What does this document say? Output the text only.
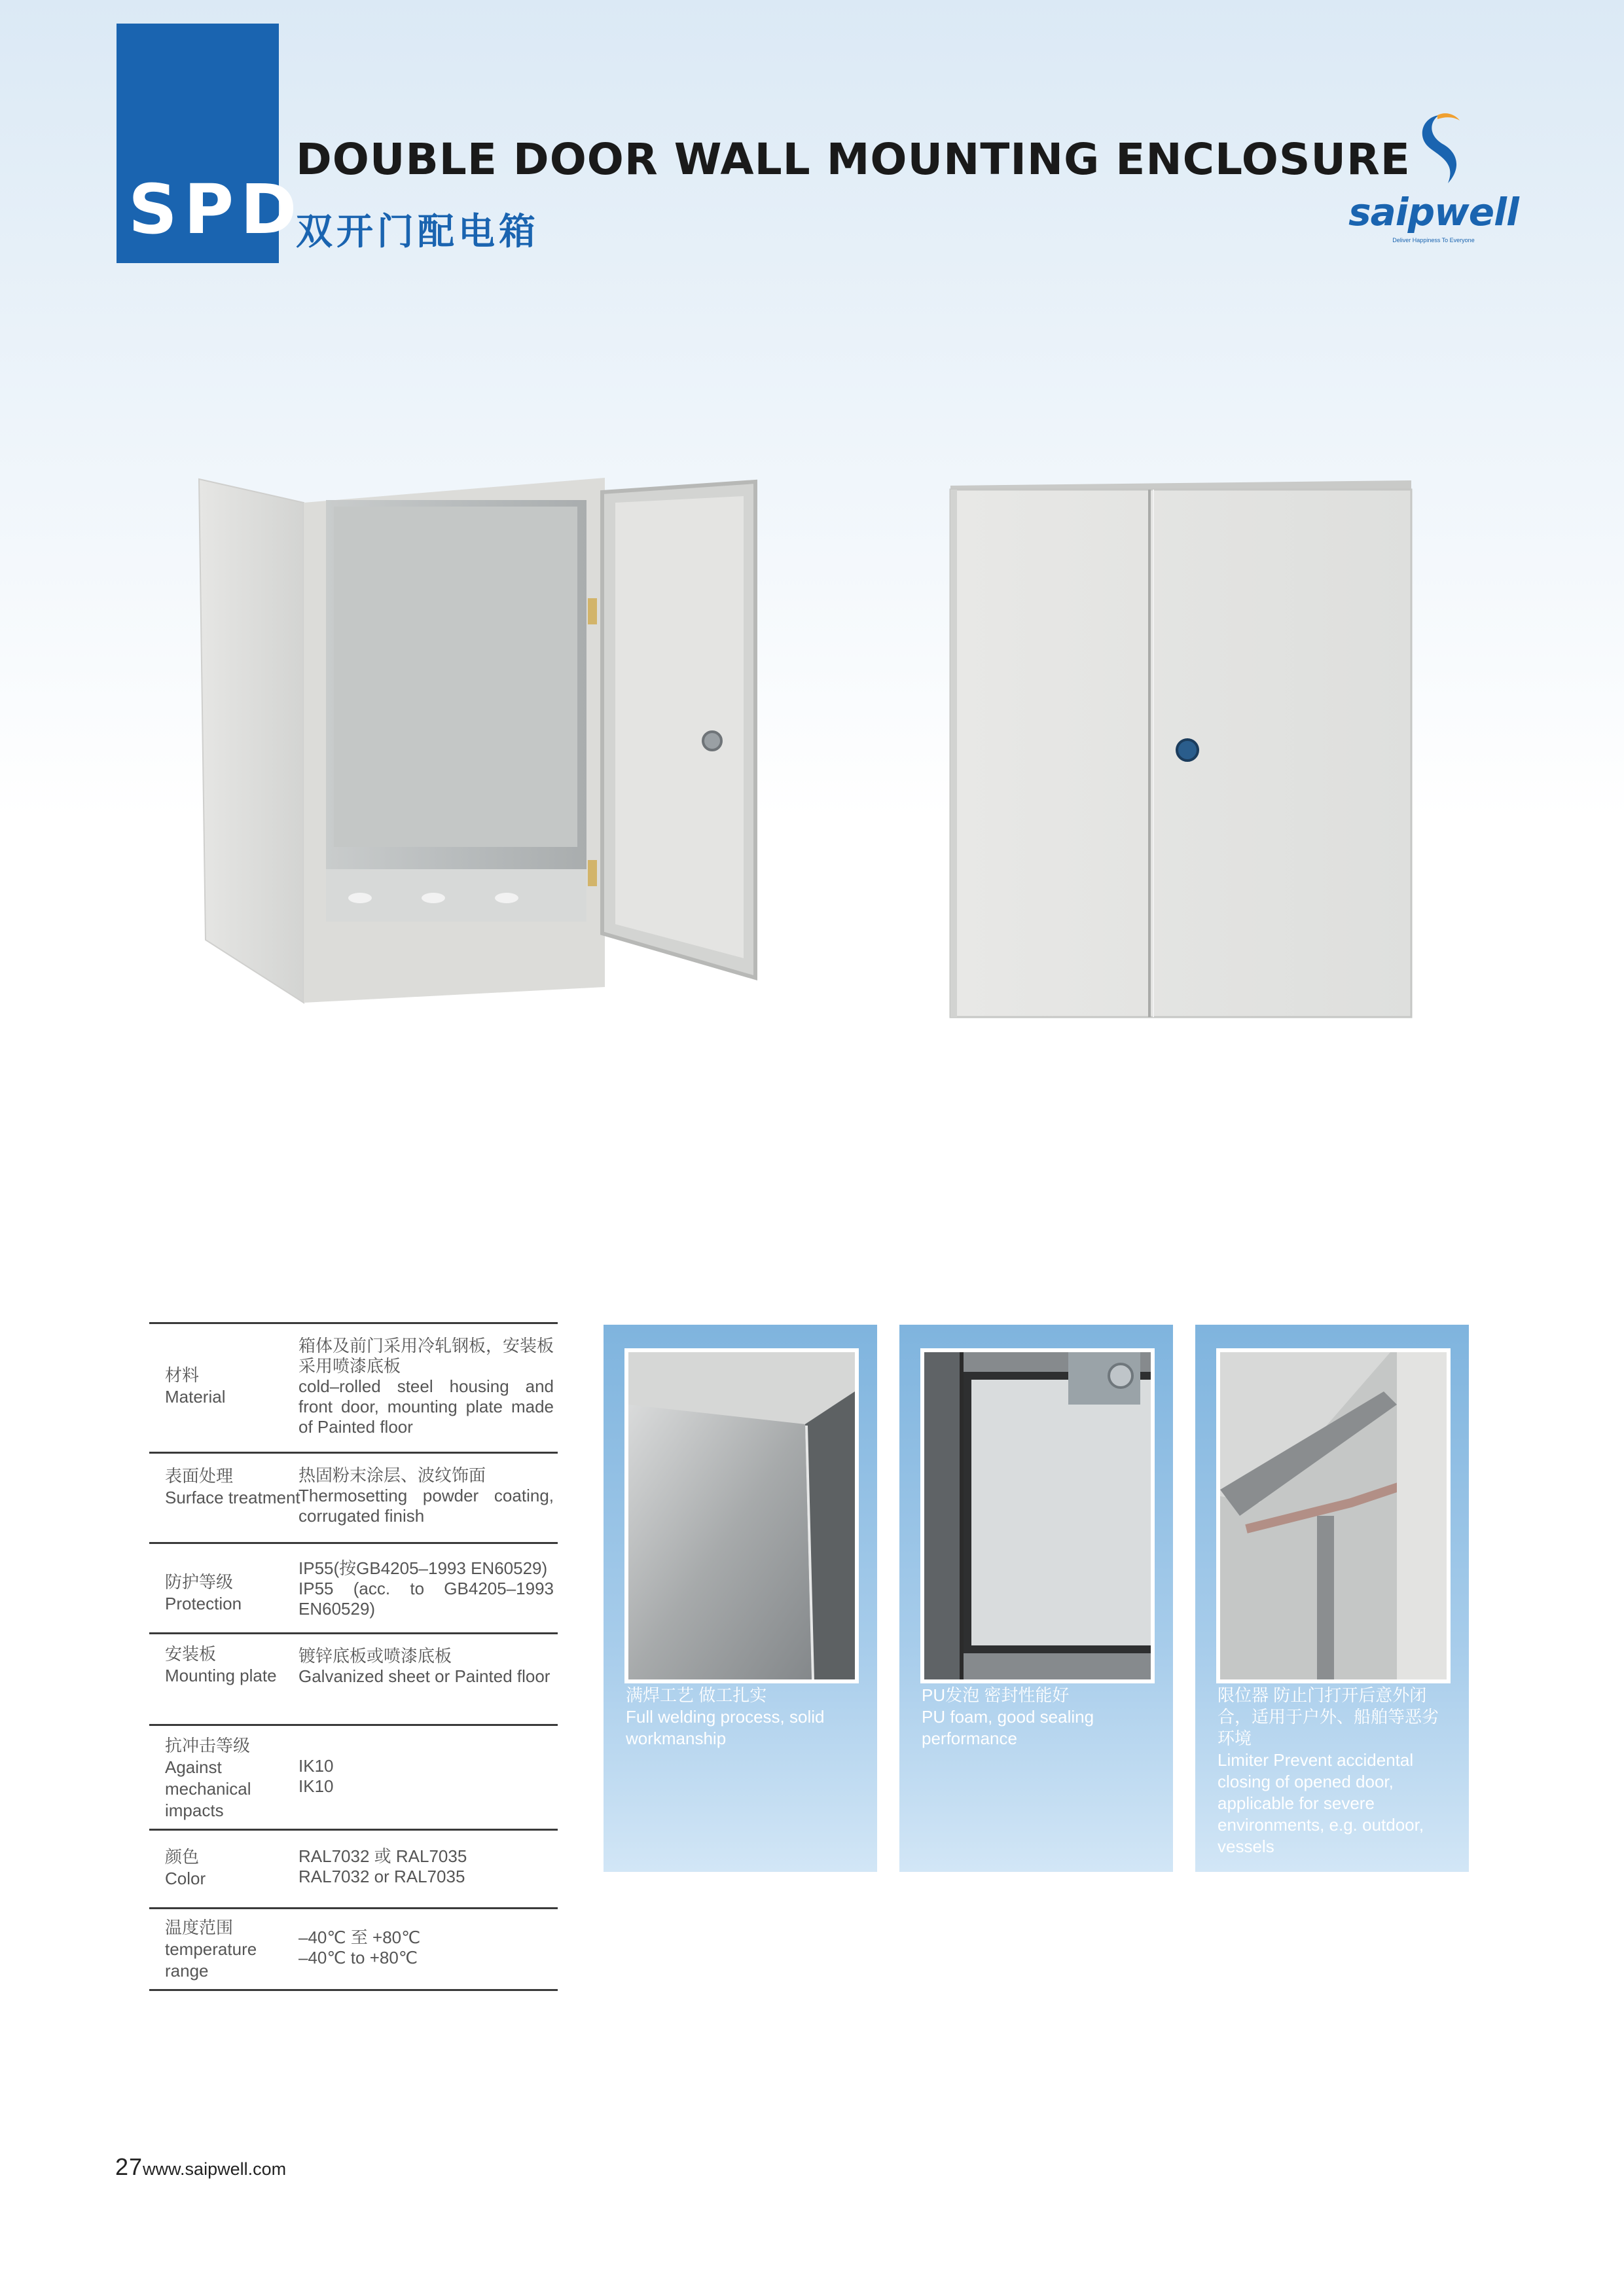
SPD
DOUBLE DOOR WALL MOUNTING ENCLOSURE
双开门配电箱	saipwell
Deliver Happiness To Everyone
材料
Material
箱体及前门采用冷轧钢板，安装板采用喷漆底板
cold–rolled steel housing and front door, mounting plate made of Painted floor
表面处理
Surface treatment
热固粉末涂层、波纹饰面
Thermosetting powder coating, corrugated finish
防护等级
Protection
IP55(按GB4205–1993 EN60529)
IP55 (acc. to GB4205–1993 EN60529)
安装板
Mounting plate
镀锌底板或喷漆底板
Galvanized sheet or Painted floor
抗冲击等级
Against mechanical impacts
IK10
IK10
颜色
Color
RAL7032 或 RAL7035
RAL7032 or RAL7035
温度范围
temperature range
–40℃ 至 +80℃
–40℃ to +80℃
满焊工艺 做工扎实
Full welding process, solid workmanship
PU发泡 密封性能好
PU foam, good sealing performance
限位器 防止门打开后意外闭合，适用于户外、船舶等恶劣环境
Limiter Prevent accidental closing of opened door, applicable for severe environments, e.g. outdoor, vessels
27www.saipwell.com
